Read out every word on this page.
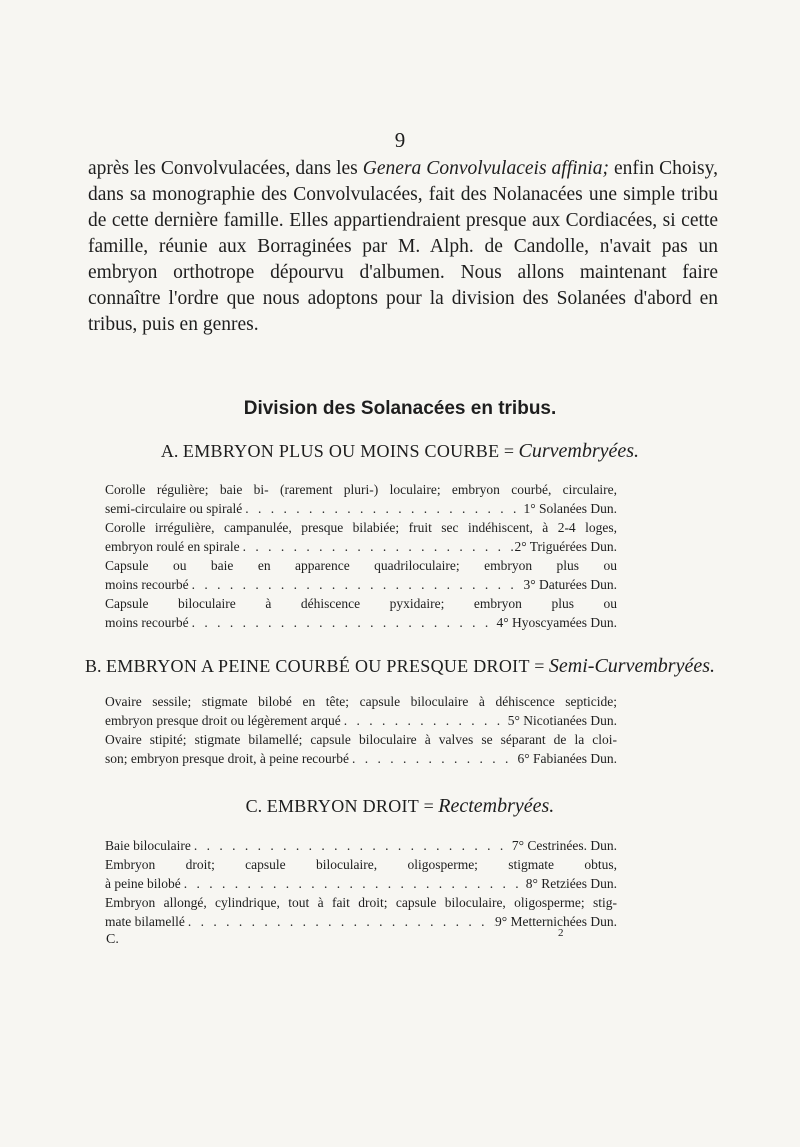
9

après les Convolvulacées, dans les Genera Convolvulaceis affinia; enfin Choisy, dans sa monographie des Convolvulacées, fait des Nolanacées une simple tribu de cette dernière famille. Elles appartiendraient presque aux Cordiacées, si cette famille, réunie aux Borraginées par M. Alph. de Candolle, n'avait pas un embryon orthotrope dépourvu d'albumen. Nous allons maintenant faire connaître l'ordre que nous adoptons pour la division des Solanées d'abord en tribus, puis en genres.

Division des Solanacées en tribus.
A. EMBRYON PLUS OU MOINS COURBE = Curvembryées.
Corolle régulière; baie bi- (rarement pluri-) loculaire; embryon courbé, circulaire,
semi-circulaire ou spiralé . . .	1° Solanées Dun.
Corolle irrégulière, campanulée, presque bilabiée; fruit sec indéhiscent, à 2-4 loges,
embryon roulé en spirale . . .	2° Triguérées Dun.
Capsule ou baie en apparence quadriloculaire; embryon plus ou
moins recourbé . . .	3° Daturées Dun.
Capsule biloculaire à déhiscence pyxidaire; embryon plus ou
moins recourbé . . .	4° Hyoscyamées Dun.
B. EMBRYON A PEINE COURBÉ OU PRESQUE DROIT = Semi-Curvembryées.
Ovaire sessile; stigmate bilobé en tête; capsule biloculaire à déhiscence septicide;
embryon presque droit ou légèrement arqué . . .	5° Nicotianées Dun.
Ovaire stipité; stigmate bilamellé; capsule biloculaire à valves se séparant de la cloi-
son; embryon presque droit, à peine recourbé . . .	6° Fabianées Dun.
C. EMBRYON DROIT = Rectembryées.
Baie biloculaire . . .	7° Cestrinées. Dun.
Embryon droit; capsule biloculaire, oligosperme; stigmate obtus,
à peine bilobé . . .	8° Retziées Dun.
Embryon allongé, cylindrique, tout à fait droit; capsule biloculaire, oligosperme; stig-
mate bilamellé . . .	9° Metternichées Dun.
C.	2
